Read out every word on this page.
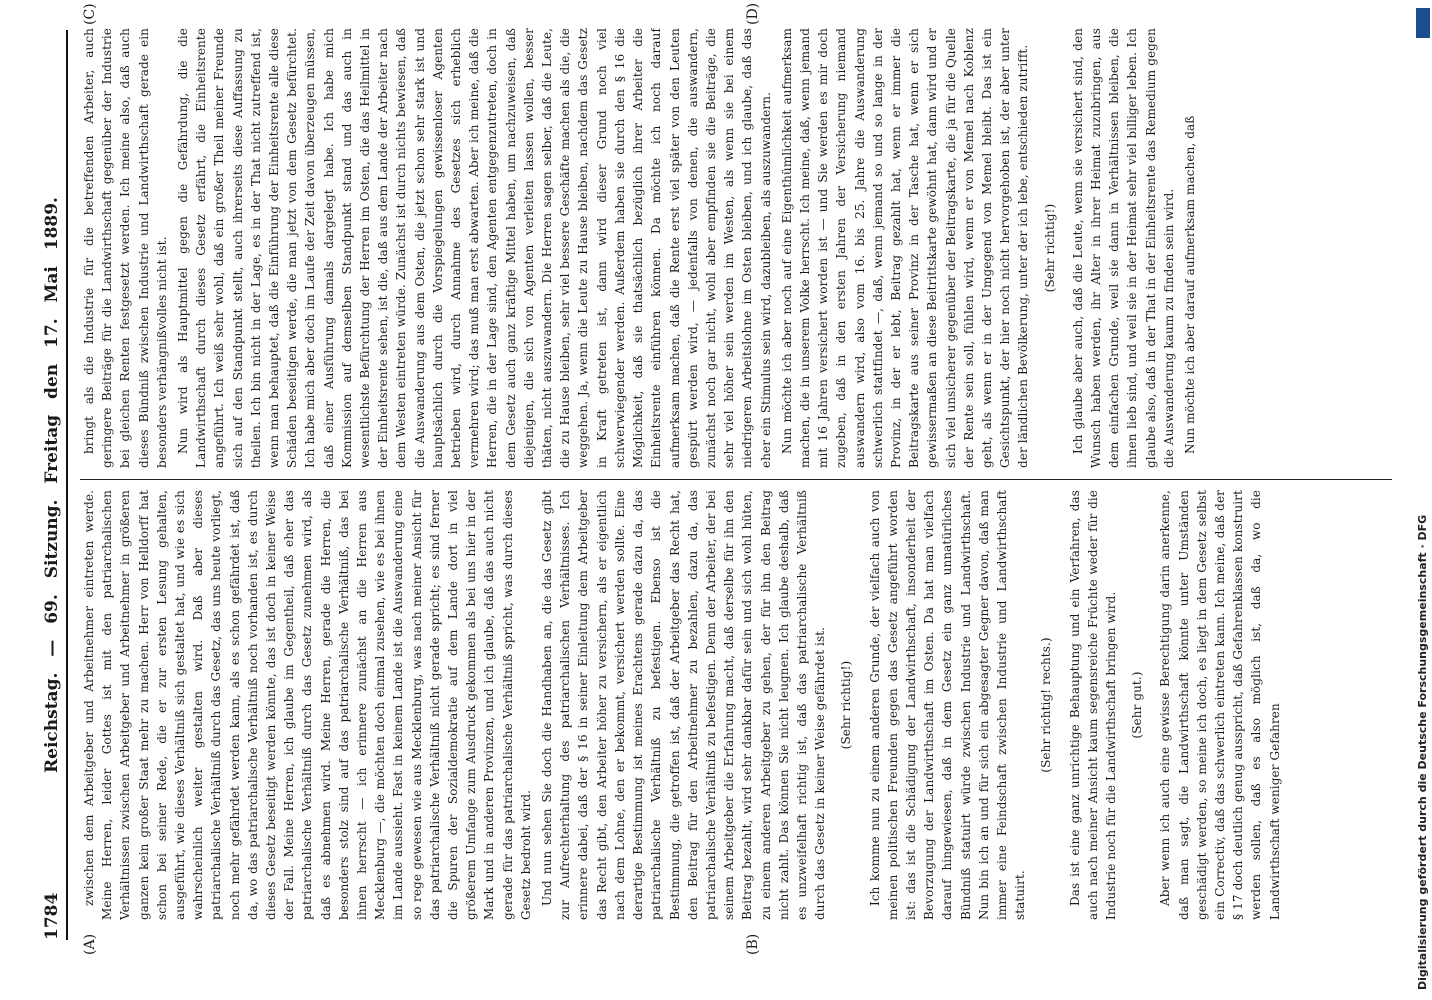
1784
Reichstag. — 69. Sitzung. Freitag den 17. Mai 1889.
(A)	(B)
(C)	(D)

zwischen dem Arbeitgeber und Arbeitnehmer eintreten werde. Meine Herren, leider Gottes ist mit den patriarchalischen Verhältnissen zwischen Arbeitgeber und Arbeitnehmer in größeren ganzen kein großer Staat mehr zu machen. Herr von Helldorff hat schon bei seiner Rede, die er zur ersten Lesung gehalten, ausgeführt, wie dieses Verhältniß sich gestaltet hat, und wie es sich wahrscheinlich weiter gestalten wird. Daß aber dieses patriarchalische Verhältniß durch das Gesetz, das uns heute vorliegt, noch mehr gefährdet werden kann, als es schon gefährdet ist, daß da, wo das patriarchalische Verhältniß noch vorhanden ist, es durch dieses Gesetz beseitigt werden könnte, das ist doch in keiner Weise der Fall. Meine Herren, ich glaube im Gegentheil, daß eher das patriarchalische Verhältniß durch das Gesetz zunehmen wird, als daß es abnehmen wird. Meine Herren, gerade die Herren, die besonders stolz sind auf das patriarchalische Verhältniß, das bei ihnen herrscht — ich erinnere zunächst an die Herren aus Mecklenburg —, die möchten doch einmal zusehen, wie es bei ihnen im Lande aussieht. Fast in keinem Lande ist die Auswanderung eine so rege gewesen wie aus Mecklenburg, was nach meiner Ansicht für das patriarchalische Verhältniß nicht gerade spricht; es sind ferner die Spuren der Sozialdemokratie auf dem Lande dort in viel größerem Umfange zum Ausdruck gekommen als bei uns hier in der Mark und in anderen Provinzen, und ich glaube, daß das auch nicht gerade für das patriarchalische Verhältniß spricht, was durch dieses Gesetz bedroht wird. Und nun sehen Sie doch die Handhaben an, die das Gesetz gibt zur Aufrechterhaltung des patriarchalischen Verhältnisses. Ich erinnere dabei, daß der § 16 in seiner Einleitung dem Arbeitgeber das Recht gibt, den Arbeiter höher zu versichern, als er eigentlich nach dem Lohne, den er bekommt, versichert werden sollte. Eine derartige Bestimmung ist meines Erachtens gerade dazu da, das patriarchalische Verhältniß zu befestigen. Ebenso ist die Bestimmung, die getroffen ist, daß der Arbeitgeber das Recht hat, den Beitrag für den Arbeitnehmer zu bezahlen, dazu da, das patriarchalische Verhältniß zu befestigen. Denn der Arbeiter, der bei seinem Arbeitgeber die Erfahrung macht, daß derselbe für ihn den Beitrag bezahlt, wird sehr dankbar dafür sein und sich wohl hüten, zu einem anderen Arbeitgeber zu gehen, der für ihn den Beitrag nicht zahlt. Das können Sie nicht leugnen. Ich glaube deshalb, daß es unzweifelhaft richtig ist, daß das patriarchalische Verhältniß durch das Gesetz in keiner Weise gefährdet ist. (Sehr richtig!) Ich komme nun zu einem anderen Grunde, der vielfach auch von meinen politischen Freunden gegen das Gesetz angeführt worden ist: das ist die Schädigung der Landwirthschaft, insonderheit der Bevorzugung der Landwirthschaft im Osten. Da hat man vielfach darauf hingewiesen, daß in dem Gesetz ein ganz unnatürliches Bündniß statuirt würde zwischen Industrie und Landwirthschaft. Nun bin ich an und für sich ein abgesagter Gegner davon, daß man immer eine Feindschaft zwischen Industrie und Landwirthschaft statuirt.

(Sehr richtig! rechts.) Das ist eine ganz unrichtige Behauptung und ein Verfahren, das auch nach meiner Ansicht kaum segensreiche Früchte weder für die Industrie noch für die Landwirthschaft bringen wird. (Sehr gut.) Aber wenn ich auch eine gewisse Berechtigung darin anerkenne, daß man sagt, die Landwirthschaft könnte unter Umständen geschädigt werden, so meine ich doch, es liegt in dem Gesetz selbst ein Correctiv, daß das schwerlich eintreten kann. Ich meine, daß der § 17 doch deutlich genug ausspricht, daß Gefahrenklassen konstruirt werden sollen, daß es also möglich ist, daß da, wo die Landwirthschaft weniger Gefahren

bringt als die Industrie für die betreffenden Arbeiter, auch geringere Beiträge für die Landwirthschaft gegenüber der Industrie bei gleichen Renten festgesetzt werden. Ich meine also, daß auch dieses Bündniß zwischen Industrie und Landwirthschaft gerade ein besonders verhängnißvolles nicht ist. Nun wird als Hauptmittel gegen die Gefährdung, die die Landwirthschaft durch dieses Gesetz erfährt, die Einheitsrente angeführt. Ich weiß sehr wohl, daß ein großer Theil meiner Freunde sich auf den Standpunkt stellt, auch ihrerseits diese Auffassung zu theilen. Ich bin nicht in der Lage, es in der That nicht zutreffend ist, wenn man behauptet, daß die Einführung der Einheitsrente alle diese Schäden beseitigen werde, die man jetzt von dem Gesetz befürchtet. Ich habe mich aber doch im Laufe der Zeit davon überzeugen müssen, daß einer Ausführung damals dargelegt habe. Ich habe mich Kommission auf demselben Standpunkt stand und das auch in wesentlichste Befürchtung der Herren im Osten, die das Heilmittel in der Einheitsrente sehen, ist die, daß aus dem Lande der Arbeiter nach dem Westen eintreten würde. Zunächst ist durch nichts bewiesen, daß die Auswanderung aus dem Osten, die jetzt schon sehr stark ist und hauptsächlich durch die Vorspiegelungen gewissenloser Agenten betrieben wird, durch Annahme des Gesetzes sich erheblich vermehren wird; das muß man erst abwarten. Aber ich meine, daß die Herren, die in der Lage sind, den Agenten entgegenzutreten, doch in dem Gesetz auch ganz kräftige Mittel haben, um nachzuweisen, daß diejenigen, die sich von Agenten verleiten lassen wollen, besser thäten, nicht auszuwandern. Die Herren sagen selber, daß die Leute, die zu Hause bleiben, sehr viel bessere Geschäfte machen als die, die weggehen. Ja, wenn die Leute zu Hause bleiben, nachdem das Gesetz in Kraft getreten ist, dann wird dieser Grund noch viel schwerwiegender werden. Außerdem haben sie durch den § 16 die Möglichkeit, daß sie thatsächlich bezüglich ihrer Arbeiter die Einheitsrente einführen können. Da möchte ich noch darauf aufmerksam machen, daß die Rente erst viel später von den Leuten gespürt werden wird, — jedenfalls von denen, die auswandern, zunächst noch gar nicht, wohl aber empfinden sie die Beiträge, die sehr viel höher sein werden im Westen, als wenn sie bei einem niedrigeren Arbeitslohne im Osten bleiben, und ich glaube, daß das eher ein Stimulus sein wird, dazubleiben, als auszuwandern. Nun möchte ich aber noch auf eine Eigenthümlichkeit aufmerksam machen, die in unserem Volke herrscht. Ich meine, daß, wenn jemand mit 16 Jahren versichert worden ist — und Sie werden es mir doch zugeben, daß in den ersten Jahren der Versicherung niemand auswandern wird, also vom 16. bis 25. Jahre die Auswanderung schwerlich stattfindet —, daß, wenn jemand so und so lange in der Provinz, in der er lebt, Beitrag gezahlt hat, wenn er immer die Beitragskarte aus seiner Provinz in der Tasche hat, wenn er sich gewissermaßen an diese Beitrittskarte gewöhnt hat, dann wird und er sich viel unsicherer gegenüber der Beitragskarte, die ja für die Quelle der Rente sein soll, fühlen wird, wenn er von Memel nach Koblenz geht, als wenn er in der Umgegend von Memel bleibt. Das ist ein Gesichtspunkt, der hier noch nicht hervorgehoben ist, der aber unter der ländlichen Bevölkerung, unter der ich lebe, entschieden zutrifft. (Sehr richtig!) Ich glaube aber auch, daß die Leute, wenn sie versichert sind, den Wunsch haben werden, ihr Alter in ihrer Heimat zuzubringen, aus dem einfachen Grunde, weil sie dann in Verhältnissen bleiben, die ihnen lieb sind, und weil sie in der Heimat sehr viel billiger leben. Ich glaube also, daß in der That in der Einheitsrente das Remedium gegen die Auswanderung kaum zu finden sein wird. Nun möchte ich aber darauf aufmerksam machen, daß

Digitalisierung gefördert durch die Deutsche Forschungsgemeinschaft · DFG
